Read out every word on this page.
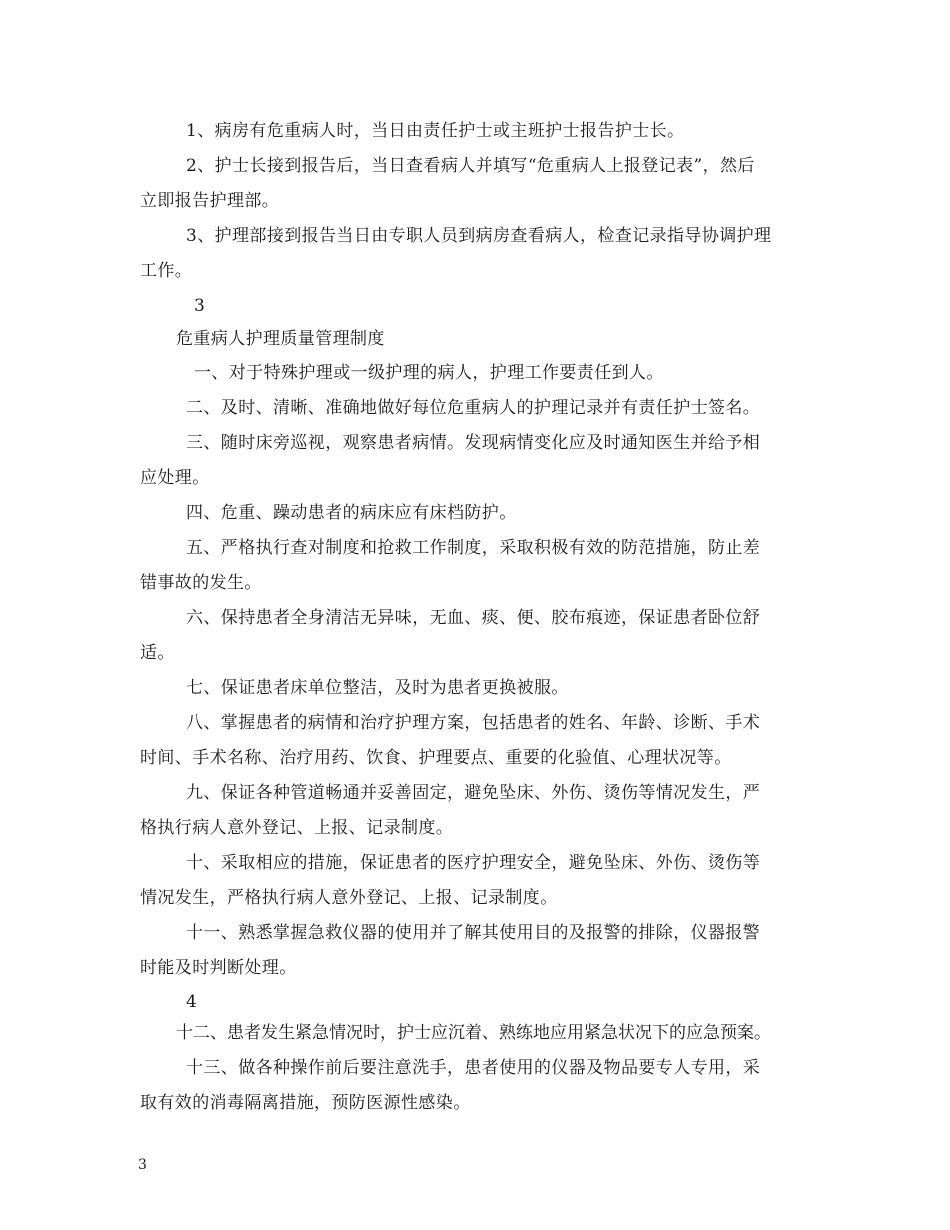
1、病房有危重病人时，当日由责任护士或主班护士报告护士长。
2、护士长接到报告后，当日查看病人并填写“危重病人上报登记表”，然后
立即报告护理部。
3、护理部接到报告当日由专职人员到病房查看病人，检查记录指导协调护理
工作。
3
危重病人护理质量管理制度
一、对于特殊护理或一级护理的病人，护理工作要责任到人。
二、及时、清晰、准确地做好每位危重病人的护理记录并有责任护士签名。
三、随时床旁巡视，观察患者病情。发现病情变化应及时通知医生并给予相
应处理。
四、危重、躁动患者的病床应有床档防护。
五、严格执行查对制度和抢救工作制度，采取积极有效的防范措施，防止差
错事故的发生。
六、保持患者全身清洁无异味，无血、痰、便、胶布痕迹，保证患者卧位舒
适。
七、保证患者床单位整洁，及时为患者更换被服。
八、掌握患者的病情和治疗护理方案，包括患者的姓名、年龄、诊断、手术
时间、手术名称、治疗用药、饮食、护理要点、重要的化验值、心理状况等。
九、保证各种管道畅通并妥善固定，避免坠床、外伤、烫伤等情况发生，严
格执行病人意外登记、上报、记录制度。
十、采取相应的措施，保证患者的医疗护理安全，避免坠床、外伤、烫伤等
情况发生，严格执行病人意外登记、上报、记录制度。
十一、熟悉掌握急救仪器的使用并了解其使用目的及报警的排除，仪器报警
时能及时判断处理。
4
十二、患者发生紧急情况时，护士应沉着、熟练地应用紧急状况下的应急预案。
十三、做各种操作前后要注意洗手，患者使用的仪器及物品要专人专用，采
取有效的消毒隔离措施，预防医源性感染。
3
